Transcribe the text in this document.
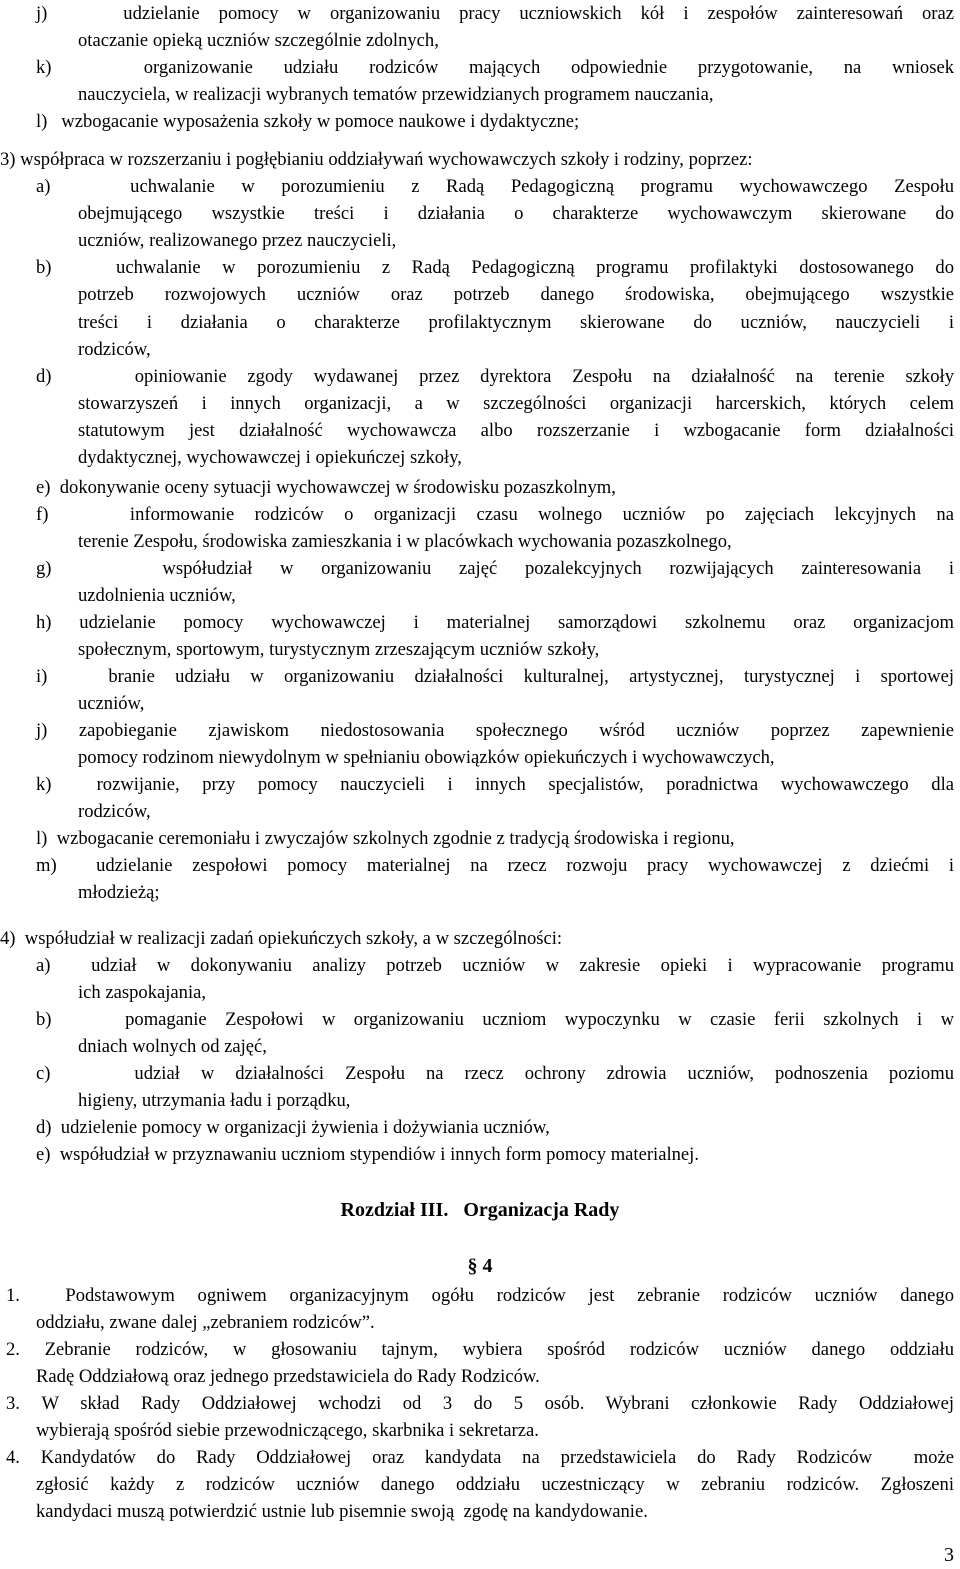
j)    udzielanie pomocy w organizowaniu pracy uczniowskich kół i zespołów zainteresowań oraz
otaczanie opieką uczniów szczególnie zdolnych,
k)   organizowanie udziału rodziców mających odpowiednie przygotowanie, na wniosek
nauczyciela, w realizacji wybranych tematów przewidzianych programem nauczania,
l)   wzbogacanie wyposażenia szkoły w pomoce naukowe i dydaktyczne;
3) współpraca w rozszerzaniu i pogłębianiu oddziaływań wychowawczych szkoły i rodziny, poprzez:
a)   uchwalanie w porozumieniu z Radą Pedagogiczną programu wychowawczego Zespołu
obejmującego wszystkie treści i działania o charakterze wychowawczym skierowane do
uczniów, realizowanego przez nauczycieli,
b)   uchwalanie w porozumieniu z Radą Pedagogiczną programu profilaktyki dostosowanego do
potrzeb rozwojowych uczniów oraz potrzeb danego środowiska, obejmującego wszystkie
treści i działania o charakterze profilaktycznym skierowane do uczniów, nauczycieli i
rodziców,
d)    opiniowanie zgody wydawanej przez dyrektora Zespołu na działalność na terenie szkoły
stowarzyszeń i innych organizacji, a w szczególności organizacji harcerskich, których celem
statutowym jest działalność wychowawcza albo rozszerzanie i wzbogacanie form działalności
dydaktycznej, wychowawczej i opiekuńczej szkoły,
e)  dokonywanie oceny sytuacji wychowawczej w środowisku pozaszkolnym,
f)    informowanie rodziców o organizacji czasu wolnego uczniów po zajęciach lekcyjnych na
terenie Zespołu, środowiska zamieszkania i w placówkach wychowania pozaszkolnego,
g)    współudział w organizowaniu zajęć pozalekcyjnych rozwijających zainteresowania i
uzdolnienia uczniów,
h) udzielanie pomocy wychowawczej i materialnej samorządowi szkolnemu oraz organizacjom
społecznym, sportowym, turystycznym zrzeszającym uczniów szkoły,
i)   branie udziału w organizowaniu działalności kulturalnej, artystycznej, turystycznej i sportowej
uczniów,
j) zapobieganie zjawiskom niedostosowania społecznego wśród uczniów poprzez zapewnienie
pomocy rodzinom niewydolnym w spełnianiu obowiązków opiekuńczych i wychowawczych,
k)  rozwijanie, przy pomocy nauczycieli i innych specjalistów, poradnictwa wychowawczego dla
rodziców,
l)  wzbogacanie ceremoniału i zwyczajów szkolnych zgodnie z tradycją środowiska i regionu,
m)  udzielanie zespołowi pomocy materialnej na rzecz rozwoju pracy wychowawczej z dziećmi i
młodzieżą;
4)  współudział w realizacji zadań opiekuńczych szkoły, a w szczególności:
a)  udział w dokonywaniu analizy potrzeb uczniów w zakresie opieki i wypracowanie programu
ich zaspokajania,
b)    pomaganie Zespołowi w organizowaniu uczniom wypoczynku w czasie ferii szkolnych i w
dniach wolnych od zajęć,
c)    udział w działalności Zespołu na rzecz ochrony zdrowia uczniów, podnoszenia poziomu
higieny, utrzymania ładu i porządku,
d)  udzielenie pomocy w organizacji żywienia i dożywiania uczniów,
e)  współudział w przyznawaniu uczniom stypendiów i innych form pomocy materialnej.
Rozdział III.   Organizacja Rady
§ 4
1.  Podstawowym ogniwem organizacyjnym ogółu rodziców jest zebranie rodziców uczniów danego
oddziału, zwane dalej „zebraniem rodziców”.
2. Zebranie rodziców, w głosowaniu tajnym, wybiera spośród rodziców uczniów danego oddziału
Radę Oddziałową oraz jednego przedstawiciela do Rady Rodziców.
3. W skład Rady Oddziałowej wchodzi od 3 do 5 osób. Wybrani członkowie Rady Oddziałowej
wybierają spośród siebie przewodniczącego, skarbnika i sekretarza.
4. Kandydatów do Rady Oddziałowej oraz kandydata na przedstawiciela do Rady Rodziców  może
zgłosić każdy z rodziców uczniów danego oddziału uczestniczący w zebraniu rodziców. Zgłoszeni
kandydaci muszą potwierdzić ustnie lub pisemnie swoją  zgodę na kandydowanie.
3
